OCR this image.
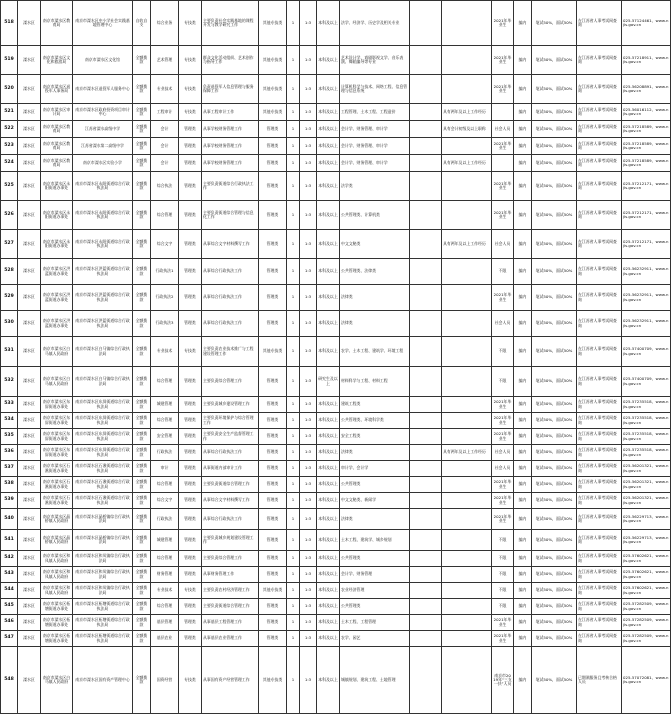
518	溧水区	南京市溧水区教育局	南京市溧水区中小学社会实践基地管理中心	自收自支	综合业务	专技类	主要负责社会实践基地的课程开发与教学研究工作	其他专技类	1	1:3	本科及以上	法学、经济学、历史学及相关专业			2021年毕业生	编内	笔试50%，面试50%	在江苏省人事考试网查询	025-57124461、www.njls.gov.cn
519	溧水区	南京市溧水区文化和旅游局	南京市溧水区文化馆	全额拨款	艺术管理	专技类	群众文化活动组织、艺术创作与指导工作	其他专技类	1	1:3	本科及以上	艺术设计学、戏剧影视文学、音乐表演、舞蹈编导等专业			2021年毕业生	编内	笔试50%，面试50%	在江苏省人事考试网查询	025-57218911、www.njls.gov.cn
520	溧水区	南京市溧水区退役军人事务局	南京市溧水区退役军人服务中心	全额拨款	专业技术	专技类	负责退役军人信息管理与服务保障工作	其他专技类	1	1:3	本科及以上	计算机科学与技术、网络工程、信息管理与信息系统			2021年毕业生	编内	笔试50%，面试50%	在江苏省人事考试网查询	025-56208891、www.njls.gov.cn
521	溧水区	南京市溧水区审计局	南京市溧水区政府投资项目审计中心	全额拨款	工程审计	专技类	从事工程审计工作	其他专技类	1	1:3	本科及以上	工程管理、土木工程、工程造价		具有两年及以上工作经历		编内	笔试50%，面试50%	在江苏省人事考试网查询	025-56016112、www.njls.gov.cn
522	溧水区	南京市溧水区教育局	江苏省溧水高级中学	全额拨款	会计	管理类	从事学校财务管理工作	管理类	1	1:3	本科及以上	会计学、财务管理、审计学		具有会计初级及以上职称	社会人员	编内	笔试50%，面试50%	在江苏省人事考试网查询	025-57218589、www.njls.gov.cn
523	溧水区	南京市溧水区教育局	江苏省溧水第二高级中学	全额拨款	会计	管理类	从事学校财务管理工作	管理类	1	1:3	本科及以上	会计学、财务管理、审计学			2021年毕业生	编内	笔试50%，面试50%	在江苏省人事考试网查询	025-57218589、www.njls.gov.cn
524	溧水区	南京市溧水区教育局	南京市溧水区实验小学	全额拨款	会计	管理类	从事学校财务管理工作	管理类	1	1:3	本科及以上	会计学、财务管理、审计学		具有两年及以上工作经历		编内	笔试50%，面试50%	在江苏省人事考试网查询	025-57218589、www.njls.gov.cn
525	溧水区	南京市溧水区永阳街道办事处	南京市溧水区永阳街道综合行政执法局	全额拨款	综合执法	管理类	主要负责街道综合行政执法工作	管理类	1	1:3	本科及以上	法学类			2021年毕业生	编内	笔试50%，面试50%	在江苏省人事考试网查询	025-57212171、www.njls.gov.cn
526	溧水区	南京市溧水区永阳街道办事处	南京市溧水区永阳街道综合行政执法局	全额拨款	综合管理	管理类	主要负责街道综合管理与信息化工作	管理类	1	1:3	本科及以上	公共管理类、计算机类			2021年毕业生	编内	笔试50%，面试50%	在江苏省人事考试网查询	025-57212171、www.njls.gov.cn
527	溧水区	南京市溧水区永阳街道办事处	南京市溧水区永阳街道综合行政执法局	全额拨款	综合文字	管理类	从事综合文字材料撰写工作	管理类	1	1:3	本科及以上	中文文秘类		具有两年及以上工作经历	社会人员	编内	笔试50%，面试50%	在江苏省人事考试网查询	025-57212171、www.njls.gov.cn
528	溧水区	南京市溧水区洪蓝街道办事处	南京市溧水区洪蓝街道综合行政执法局	全额拨款	行政执法1	管理类	从事综合行政执法工作	管理类	1	1:3	本科及以上	公共管理类、法律类			不限	编内	笔试50%，面试50%	在江苏省人事考试网查询	025-56232911、www.njls.gov.cn
529	溧水区	南京市溧水区洪蓝街道办事处	南京市溧水区洪蓝街道综合行政执法局	全额拨款	行政执法2	管理类	从事综合行政执法工作	管理类	1	1:3	本科及以上	法律类			2021年毕业生	编内	笔试50%，面试50%	在江苏省人事考试网查询	025-56232911、www.njls.gov.cn
530	溧水区	南京市溧水区洪蓝街道办事处	南京市溧水区洪蓝街道综合行政执法局	全额拨款	行政执法3	管理类	从事综合行政执法工作	管理类	1	1:3	本科及以上	法律类			社会人员	编内	笔试50%，面试50%	在江苏省人事考试网查询	025-56232911、www.njls.gov.cn
531	溧水区	南京市溧水区白马镇人民政府	南京市溧水区白马镇综合行政执法局	全额拨款	专业技术	专技类	主要负责农业技术推广与工程建设管理工作	其他专技类	1	1:3	本科及以上	农学、土木工程、建筑学、环境工程			不限	编内	笔试50%，面试50%	在江苏省人事考试网查询	025-57400709、www.njls.gov.cn
532	溧水区	南京市溧水区白马镇人民政府	南京市溧水区白马镇综合行政执法局	全额拨款	综合管理	管理类	主要负责综合管理工作	管理类	1	1:3	研究生及以上	材料科学与工程、材料工程			不限	编内	笔试50%，面试50%	在江苏省人事考试网查询	025-57400709、www.njls.gov.cn
533	溧水区	南京市溧水区东屏街道办事处	南京市溧水区东屏街道综合行政执法局	全额拨款	城建管理	管理类	主要负责城乡建设管理工作	管理类	1	1:3	本科及以上	建筑工程类			2021年毕业生	编内	笔试50%，面试50%	在江苏省人事考试网查询	025-57235518、www.njls.gov.cn
534	溧水区	南京市溧水区东屏街道办事处	南京市溧水区东屏街道综合行政执法局	全额拨款	综合管理	管理类	主要负责环境保护与综合管理工作	管理类	1	1:3	本科及以上	公共管理类、环境科学类			2021年毕业生	编内	笔试50%，面试50%	在江苏省人事考试网查询	025-57235518、www.njls.gov.cn
535	溧水区	南京市溧水区东屏街道办事处	南京市溧水区东屏街道综合行政执法局	全额拨款	安全管理	管理类	主要负责安全生产监督管理工作	管理类	1	1:3	本科及以上	安全工程类			2021年毕业生	编内	笔试50%，面试50%	在江苏省人事考试网查询	025-57235518、www.njls.gov.cn
536	溧水区	南京市溧水区东屏街道办事处	南京市溧水区东屏街道综合行政执法局	全额拨款	行政执法	管理类	从事综合行政执法工作	管理类	1	1:3	本科及以上	法律类		具有两年及以上工作经历	社会人员	编内	笔试50%，面试50%	在江苏省人事考试网查询	025-57235518、www.njls.gov.cn
537	溧水区	南京市溧水区石湫街道办事处	南京市溧水区石湫街道综合行政执法局	全额拨款	审计	管理类	从事街道内部审计工作	管理类	1	1:3	本科及以上	审计学、会计学			社会人员	编内	笔试50%，面试50%	在江苏省人事考试网查询	025-56201321、www.njls.gov.cn
538	溧水区	南京市溧水区石湫街道办事处	南京市溧水区石湫街道综合行政执法局	全额拨款	综合管理	管理类	主要负责街道综合管理工作	管理类	1	1:3	本科及以上	公共管理类			2021年毕业生	编内	笔试50%，面试50%	在江苏省人事考试网查询	025-56201321、www.njls.gov.cn
539	溧水区	南京市溧水区石湫街道办事处	南京市溧水区石湫街道综合行政执法局	全额拨款	综合文字	管理类	从事综合文字材料撰写工作	管理类	1	1:3	本科及以上	中文文秘类、新闻学			2021年毕业生	编内	笔试50%，面试50%	在江苏省人事考试网查询	025-56201321、www.njls.gov.cn
540	溧水区	南京市溧水区晶桥镇人民政府	南京市溧水区晶桥镇综合行政执法局	全额拨款	行政执法	管理类	从事综合行政执法工作	管理类	1	1:3	本科及以上	法律类			2021年毕业生	编内	笔试50%，面试50%	在江苏省人事考试网查询	025-56229713、www.njls.gov.cn
541	溧水区	南京市溧水区晶桥镇人民政府	南京市溧水区晶桥镇综合行政执法局	全额拨款	城建管理	管理类	主要负责城乡规划建设管理工作	管理类	1	1:3	本科及以上	土木工程、建筑学、城乡规划			不限	编内	笔试50%，面试50%	在江苏省人事考试网查询	025-56229713、www.njls.gov.cn
542	溧水区	南京市溧水区和凤镇人民政府	南京市溧水区和凤镇综合行政执法局	全额拨款	综合管理	管理类	主要负责综合管理工作	管理类	1	1:3	本科及以上	公共管理类			不限	编内	笔试50%，面试50%	在江苏省人事考试网查询	025-57602621、www.njls.gov.cn
543	溧水区	南京市溧水区和凤镇人民政府	南京市溧水区和凤镇综合行政执法局	全额拨款	财务管理	管理类	从事财务管理工作	管理类	1	1:3	本科及以上	会计学、财务管理			不限	编内	笔试50%，面试50%	在江苏省人事考试网查询	025-57602621、www.njls.gov.cn
544	溧水区	南京市溧水区和凤镇人民政府	南京市溧水区和凤镇综合行政执法局	全额拨款	专业技术	专技类	主要负责农村经济管理工作	其他专技类	1	1:3	本科及以上	农业经济管理			不限	编内	笔试50%，面试50%	在江苏省人事考试网查询	025-57602621、www.njls.gov.cn
545	溧水区	南京市溧水区柘塘街道办事处	南京市溧水区柘塘街道综合行政执法局	全额拨款	综合管理	管理类	主要负责街道综合管理工作	管理类	1	1:3	本科及以上	公共管理类			不限	编内	笔试50%，面试50%	在江苏省人事考试网查询	025-57282509、www.njls.gov.cn
546	溧水区	南京市溧水区柘塘街道办事处	南京市溧水区柘塘街道综合行政执法局	全额拨款	基层管理	管理类	从事基层工程管理工作	管理类	1	1:3	本科及以上	土木工程、工程管理			2021年毕业生	编内	笔试50%，面试50%	在江苏省人事考试网查询	025-57282509、www.njls.gov.cn
547	溧水区	南京市溧水区柘塘街道办事处	南京市溧水区柘塘街道综合行政执法局	全额拨款	基层农业	管理类	从事基层农业管理工作	管理类	1	1:3	本科及以上	农学、园艺			2021年毕业生	编内	笔试50%，面试50%	在江苏省人事考试网查询	025-57282509、www.njls.gov.cn
548	溧水区	南京市溧水区白马镇人民政府	南京市溧水区国有资产管理中心	全额拨款	国资经营	专技类	从事国有资产经营管理工作	其他专技类	1	1:3	本科及以上	城镇规划、建筑工程、土地管理			南京市2019年“三支一扶”人员	编内	笔试50%，面试50%	已期满服务且考核合格人员	025-57072081、www.njls.gov.cn
